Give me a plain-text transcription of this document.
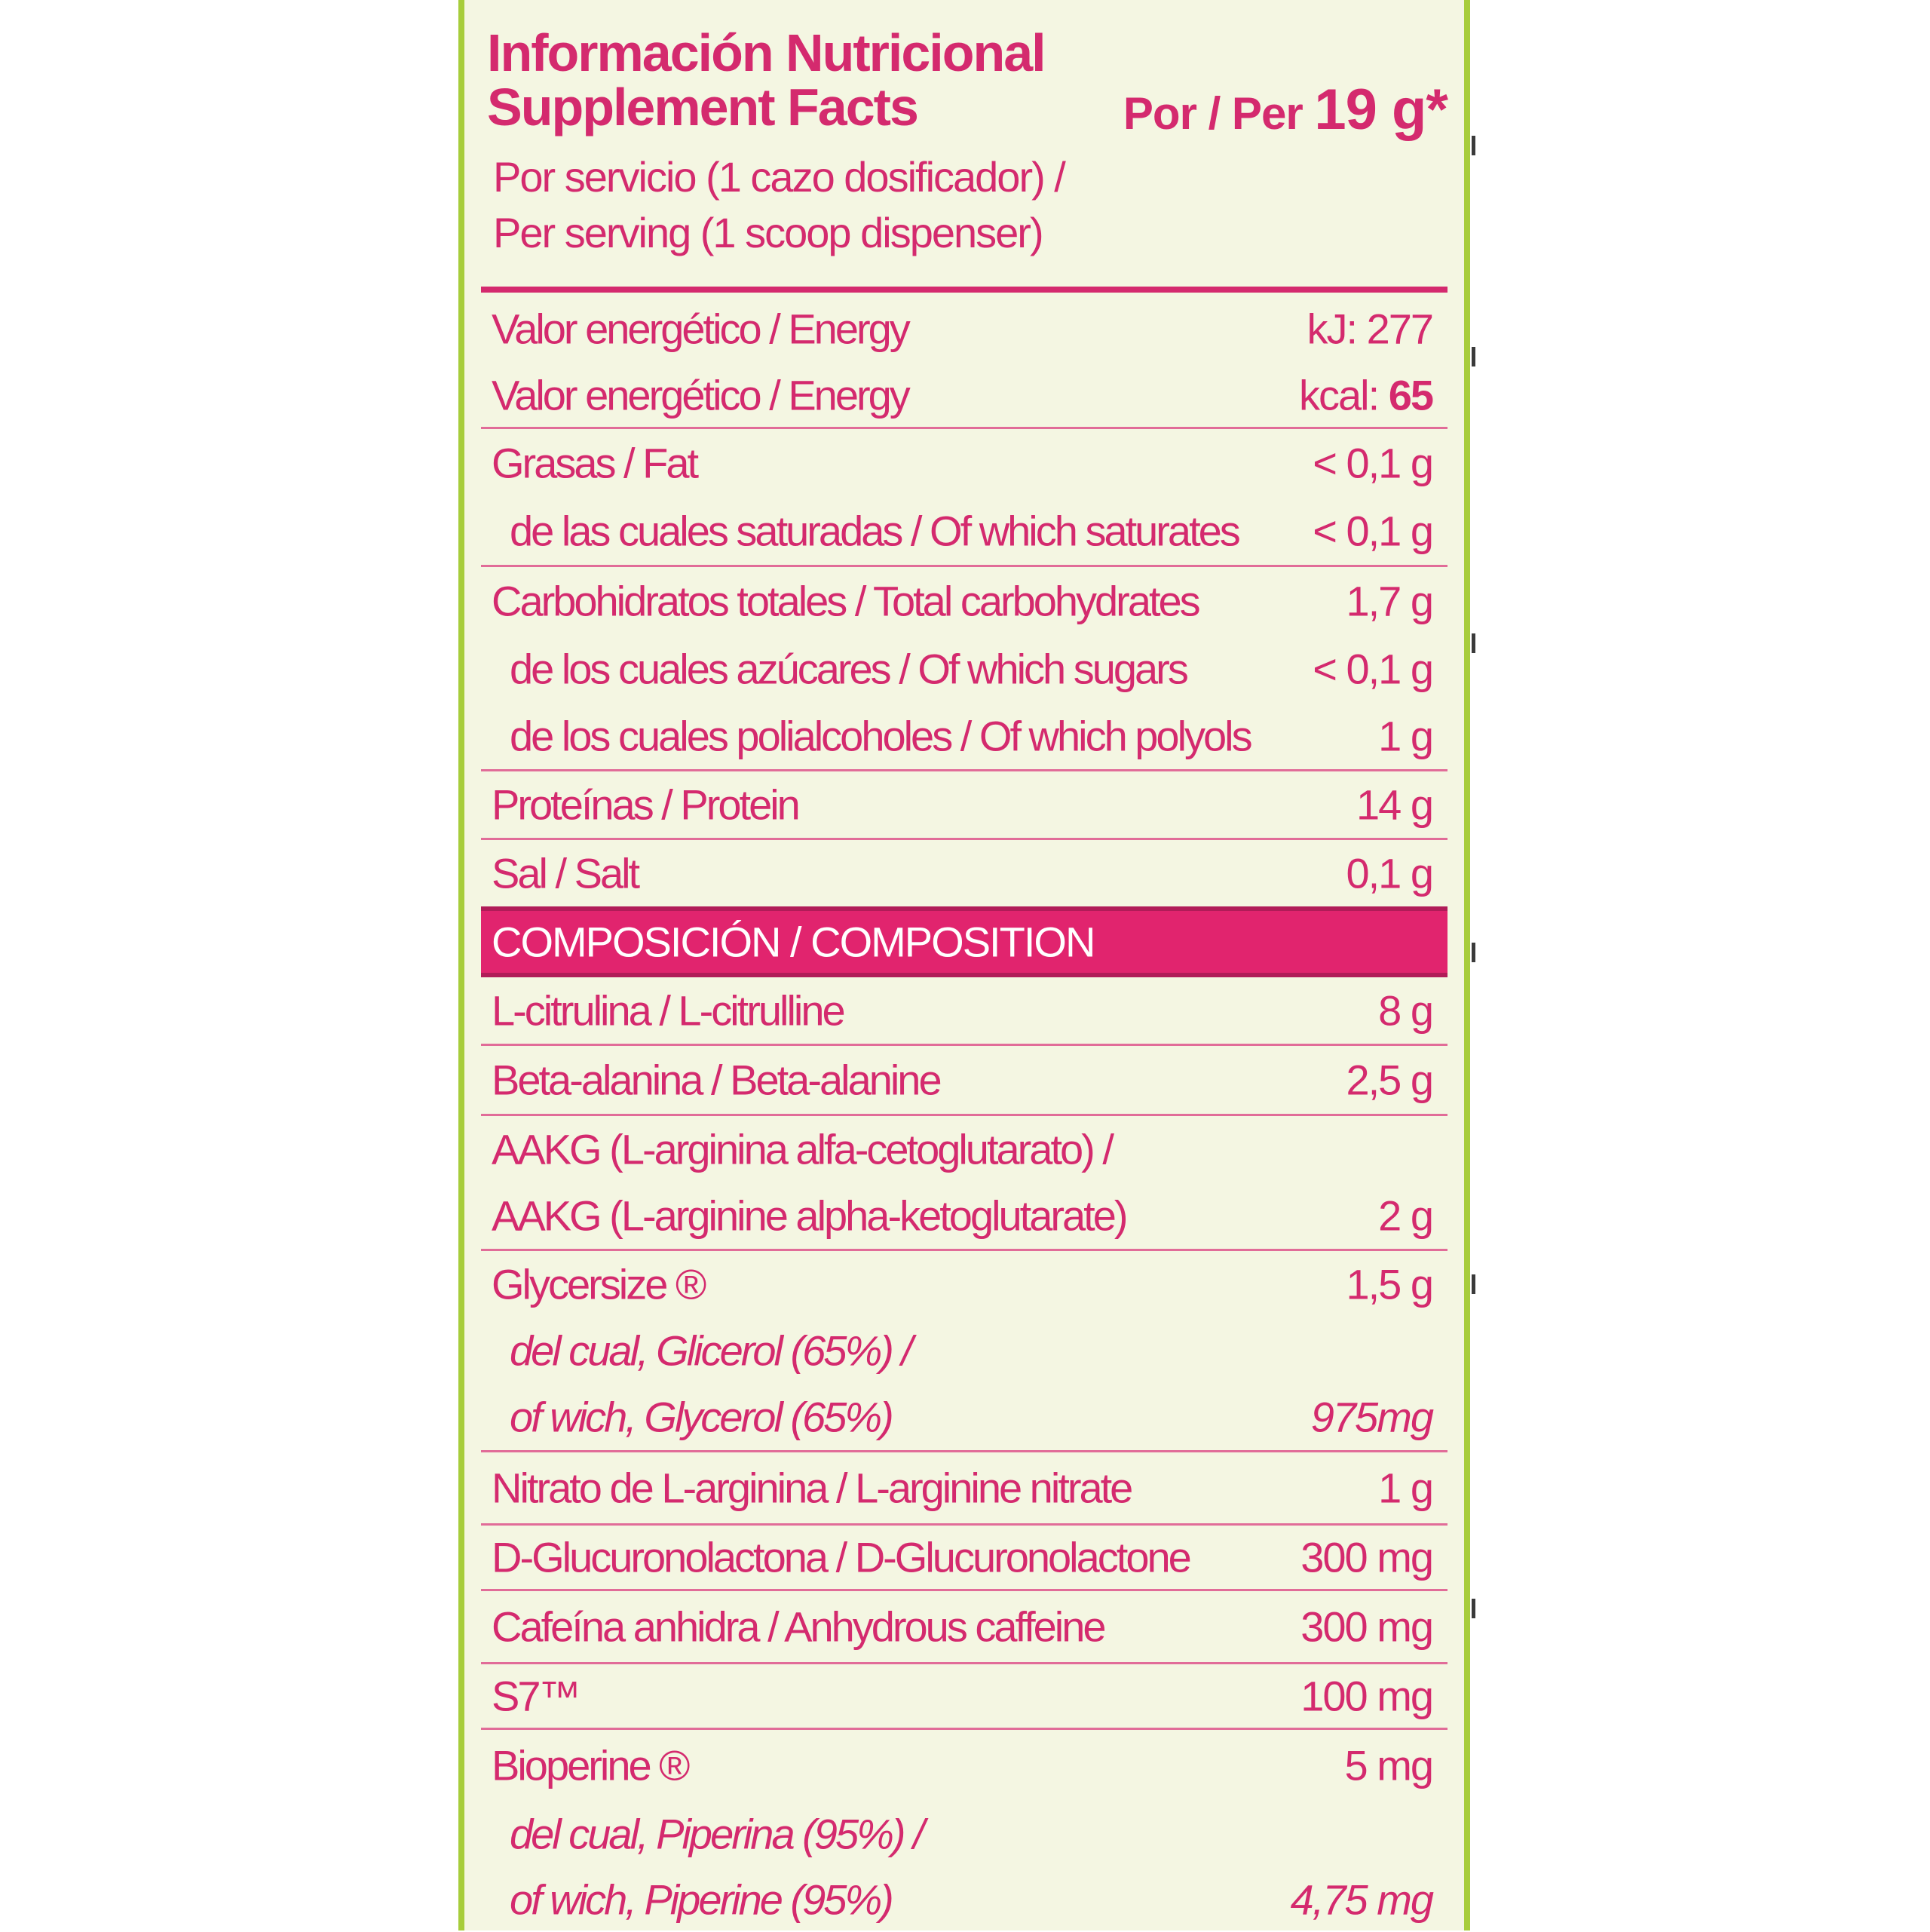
Información Nutricional
Supplement Facts	Por / Per 19 g*
Por servicio (1 cazo dosificador) /
Per serving (1 scoop dispenser)
Valor energético / Energy	kJ: 277
Valor energético / Energy	kcal: 65
Grasas / Fat	< 0,1 g
de las cuales saturadas / Of which saturates < 0,1 g
Carbohidratos totales / Total carbohydrates	1,7 g
de los cuales azúcares / Of which sugars	< 0,1 g
de los cuales polialcoholes / Of which polyols	1 g
Proteínas / Protein	14 g
Sal / Salt	0,1 g
COMPOSICIÓN / COMPOSITION
L-citrulina / L-citrulline	8 g
Beta-alanina / Beta-alanine	2,5 g
AAKG (L-arginina alfa-cetoglutarato) /
AAKG (L-arginine alpha-ketoglutarate)	2 g
Glycersize ®	1,5 g
del cual, Glicerol (65%) /
of wich, Glycerol (65%)	975mg
Nitrato de L-arginina / L-arginine nitrate	1 g
D-Glucuronolactona / D-Glucuronolactone	300 mg
Cafeína anhidra / Anhydrous caffeine	300 mg
S7™	100 mg
Bioperine ®	5 mg
del cual, Piperina (95%) /
of wich, Piperine (95%)	4,75 mg
